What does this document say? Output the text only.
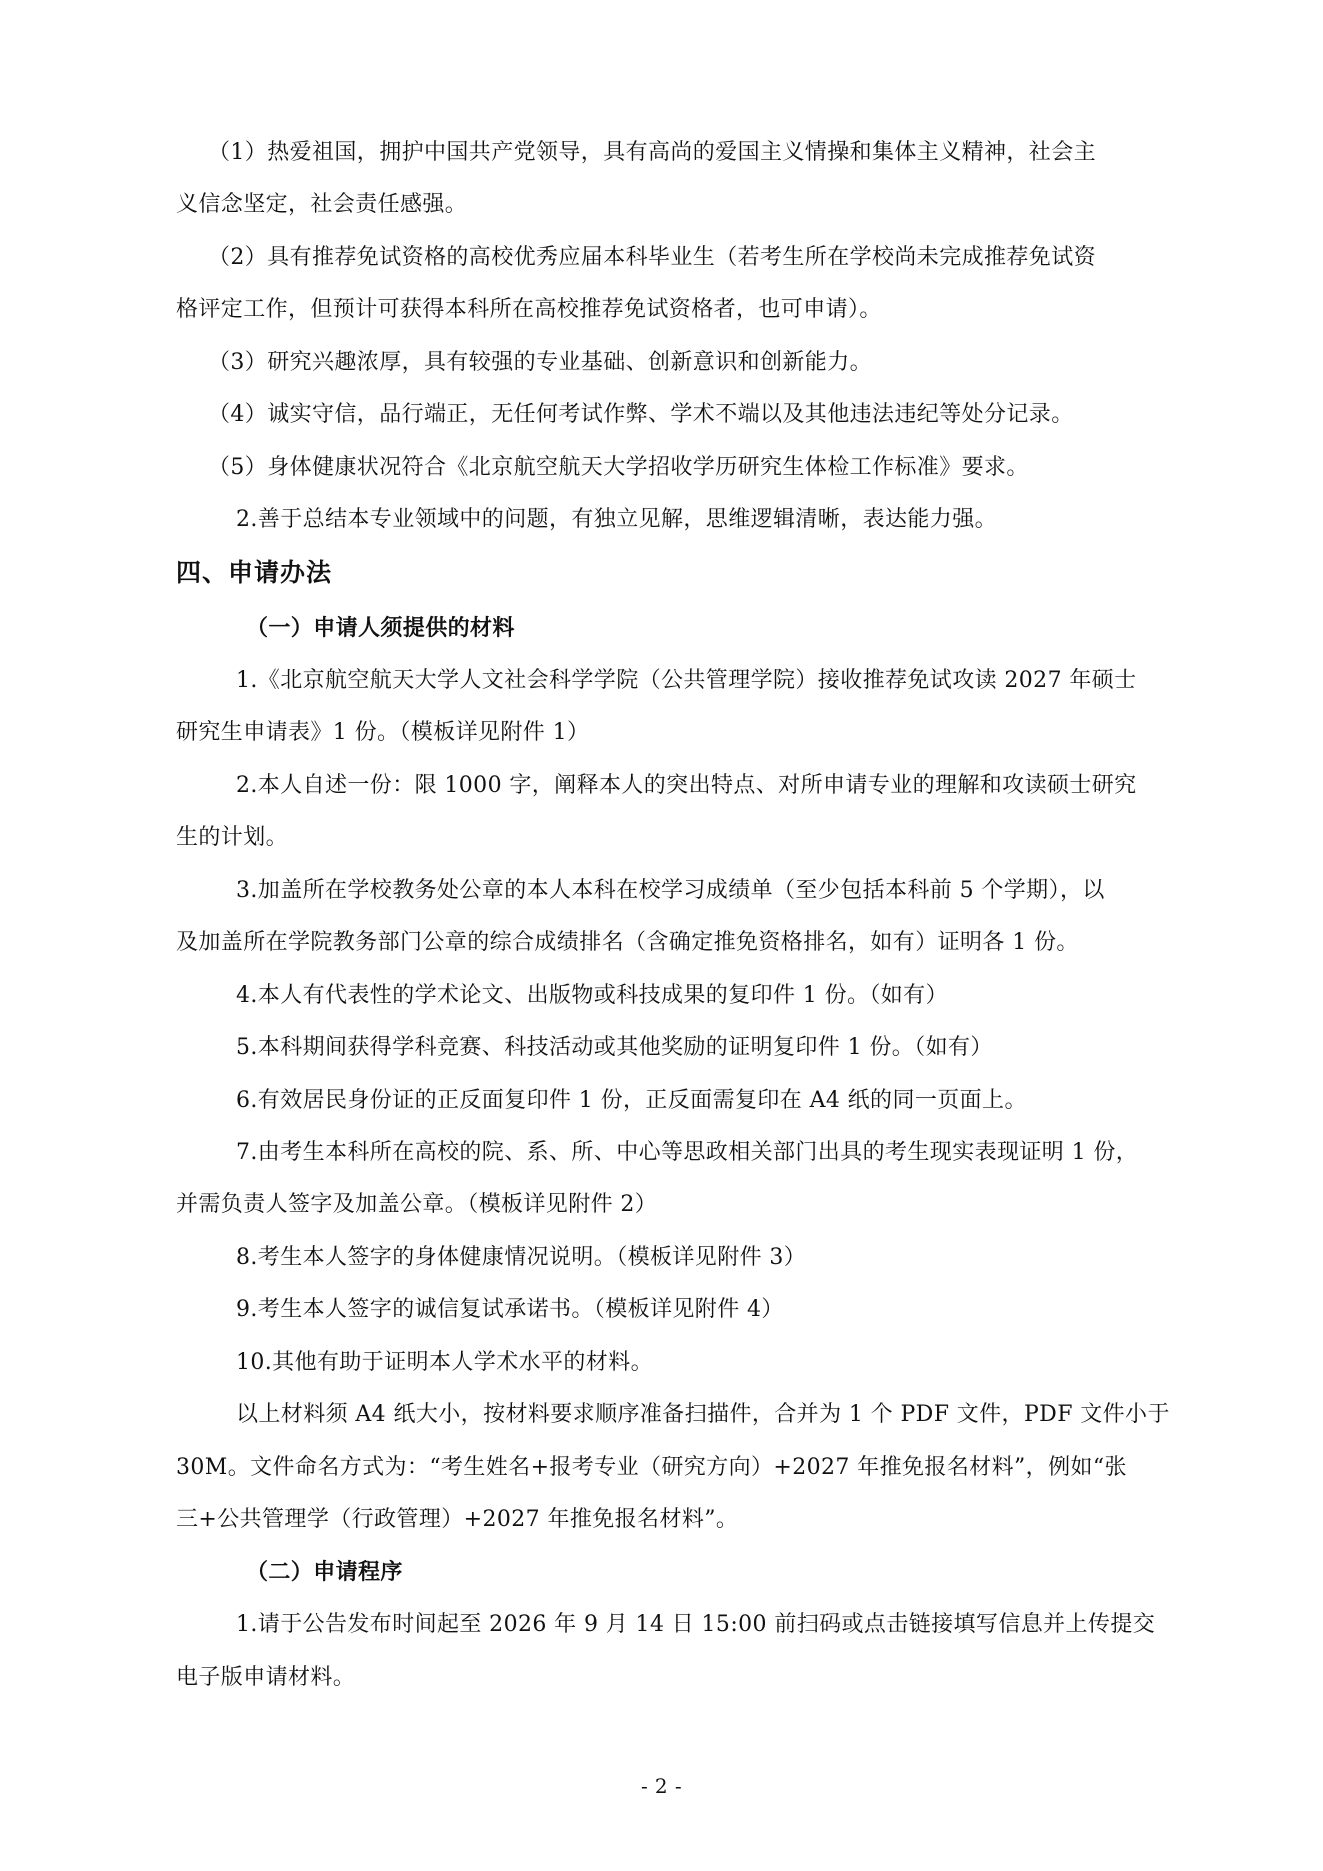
（1）热爱祖国，拥护中国共产党领导，具有高尚的爱国主义情操和集体主义精神，社会主
义信念坚定，社会责任感强。
（2）具有推荐免试资格的高校优秀应届本科毕业生（若考生所在学校尚未完成推荐免试资
格评定工作，但预计可获得本科所在高校推荐免试资格者，也可申请）。
（3）研究兴趣浓厚，具有较强的专业基础、创新意识和创新能力。
（4）诚实守信，品行端正，无任何考试作弊、学术不端以及其他违法违纪等处分记录。
（5）身体健康状况符合《北京航空航天大学招收学历研究生体检工作标准》要求。
2.善于总结本专业领域中的问题，有独立见解，思维逻辑清晰，表达能力强。
四、申请办法
（一）申请人须提供的材料
1.《北京航空航天大学人文社会科学学院（公共管理学院）接收推荐免试攻读 2027 年硕士
研究生申请表》1 份。（模板详见附件 1）
2.本人自述一份：限 1000 字，阐释本人的突出特点、对所申请专业的理解和攻读硕士研究
生的计划。
3.加盖所在学校教务处公章的本人本科在校学习成绩单（至少包括本科前 5 个学期），以
及加盖所在学院教务部门公章的综合成绩排名（含确定推免资格排名，如有）证明各 1 份。
4.本人有代表性的学术论文、出版物或科技成果的复印件 1 份。（如有）
5.本科期间获得学科竞赛、科技活动或其他奖励的证明复印件 1 份。（如有）
6.有效居民身份证的正反面复印件 1 份，正反面需复印在 A4 纸的同一页面上。
7.由考生本科所在高校的院、系、所、中心等思政相关部门出具的考生现实表现证明 1 份，
并需负责人签字及加盖公章。（模板详见附件 2）
8.考生本人签字的身体健康情况说明。（模板详见附件 3）
9.考生本人签字的诚信复试承诺书。（模板详见附件 4）
10.其他有助于证明本人学术水平的材料。
以上材料须 A4 纸大小，按材料要求顺序准备扫描件，合并为 1 个 PDF 文件，PDF 文件小于
30M。文件命名方式为：“考生姓名+报考专业（研究方向）+2027 年推免报名材料”，例如“张
三+公共管理学（行政管理）+2027 年推免报名材料”。
（二）申请程序
1.请于公告发布时间起至 2026 年 9 月 14 日 15:00 前扫码或点击链接填写信息并上传提交
电子版申请材料。
- 2 -
